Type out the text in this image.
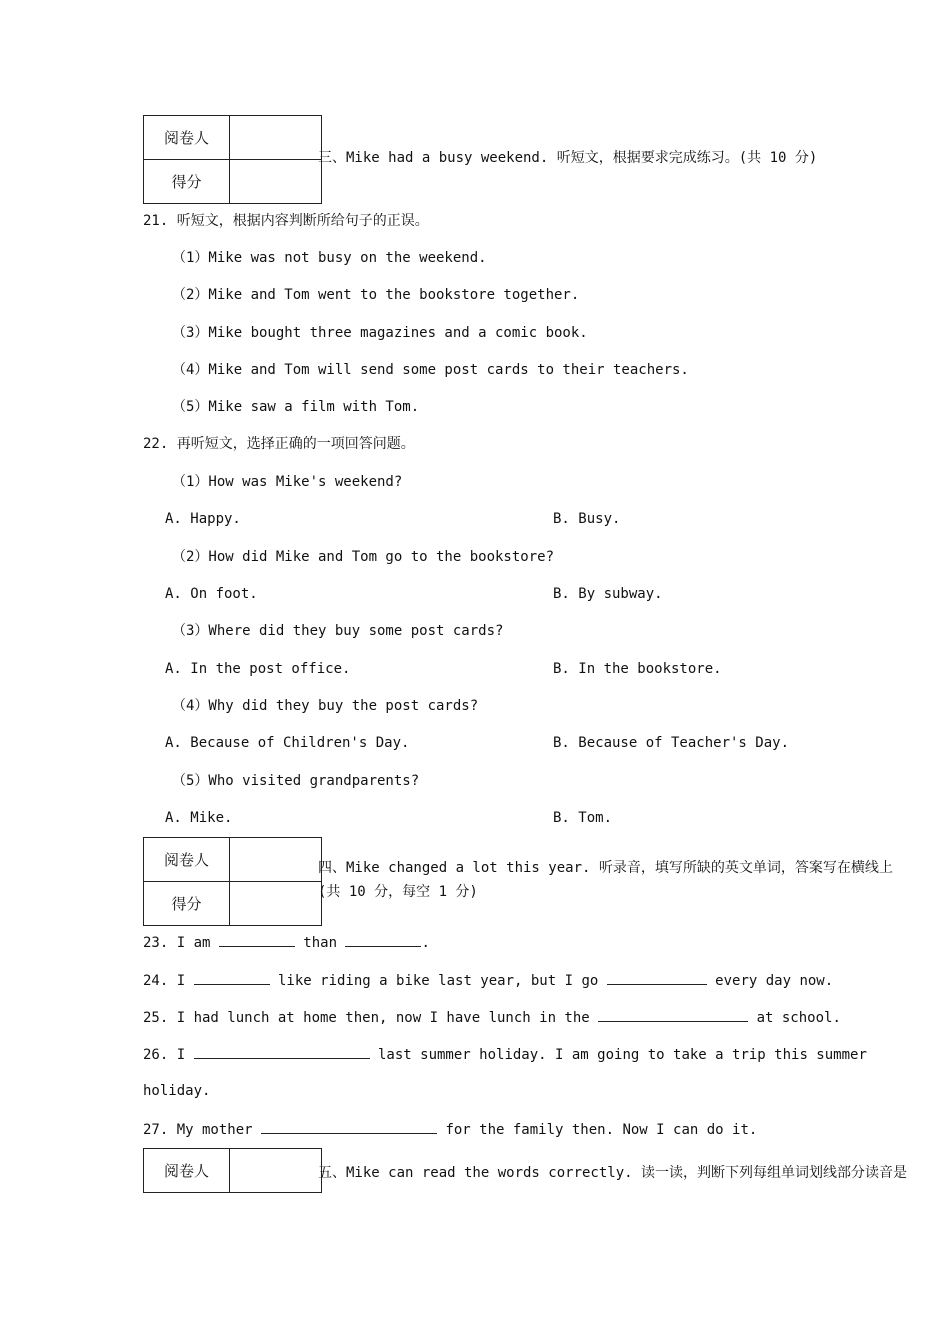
阅卷人	
得分	
三、Mike had a busy weekend. 听短文，根据要求完成练习。(共 10 分)
21. 听短文，根据内容判断所给句子的正误。
（1）Mike was not busy on the weekend.
（2）Mike and Tom went to the bookstore together.
（3）Mike bought three magazines and a comic book.
（4）Mike and Tom will send some post cards to their teachers.
（5）Mike saw a film with Tom.
22. 再听短文，选择正确的一项回答问题。
（1）How was Mike's weekend?
A. Happy.	B. Busy.
（2）How did Mike and Tom go to the bookstore?
A. On foot.	B. By subway.
（3）Where did they buy some post cards?
A. In the post office.	B. In the bookstore.
（4）Why did they buy the post cards?
A. Because of Children's Day.	B. Because of Teacher's Day.
（5）Who visited grandparents?
A. Mike.	B. Tom.
阅卷人	
得分	
四、Mike changed a lot this year. 听录音，填写所缺的英文单词，答案写在横线上
(共 10 分，每空 1 分)
23. I am	than	.
24. I	like riding a bike last year, but I go	every day now.
25. I had lunch at home then, now I have lunch in the	at school.
26. I	last summer holiday. I am going to take a trip this summer
holiday.
27. My mother	for the family then. Now I can do it.
阅卷人		五、Mike can read the words correctly. 读一读，判断下列每组单词划线部分读音是
